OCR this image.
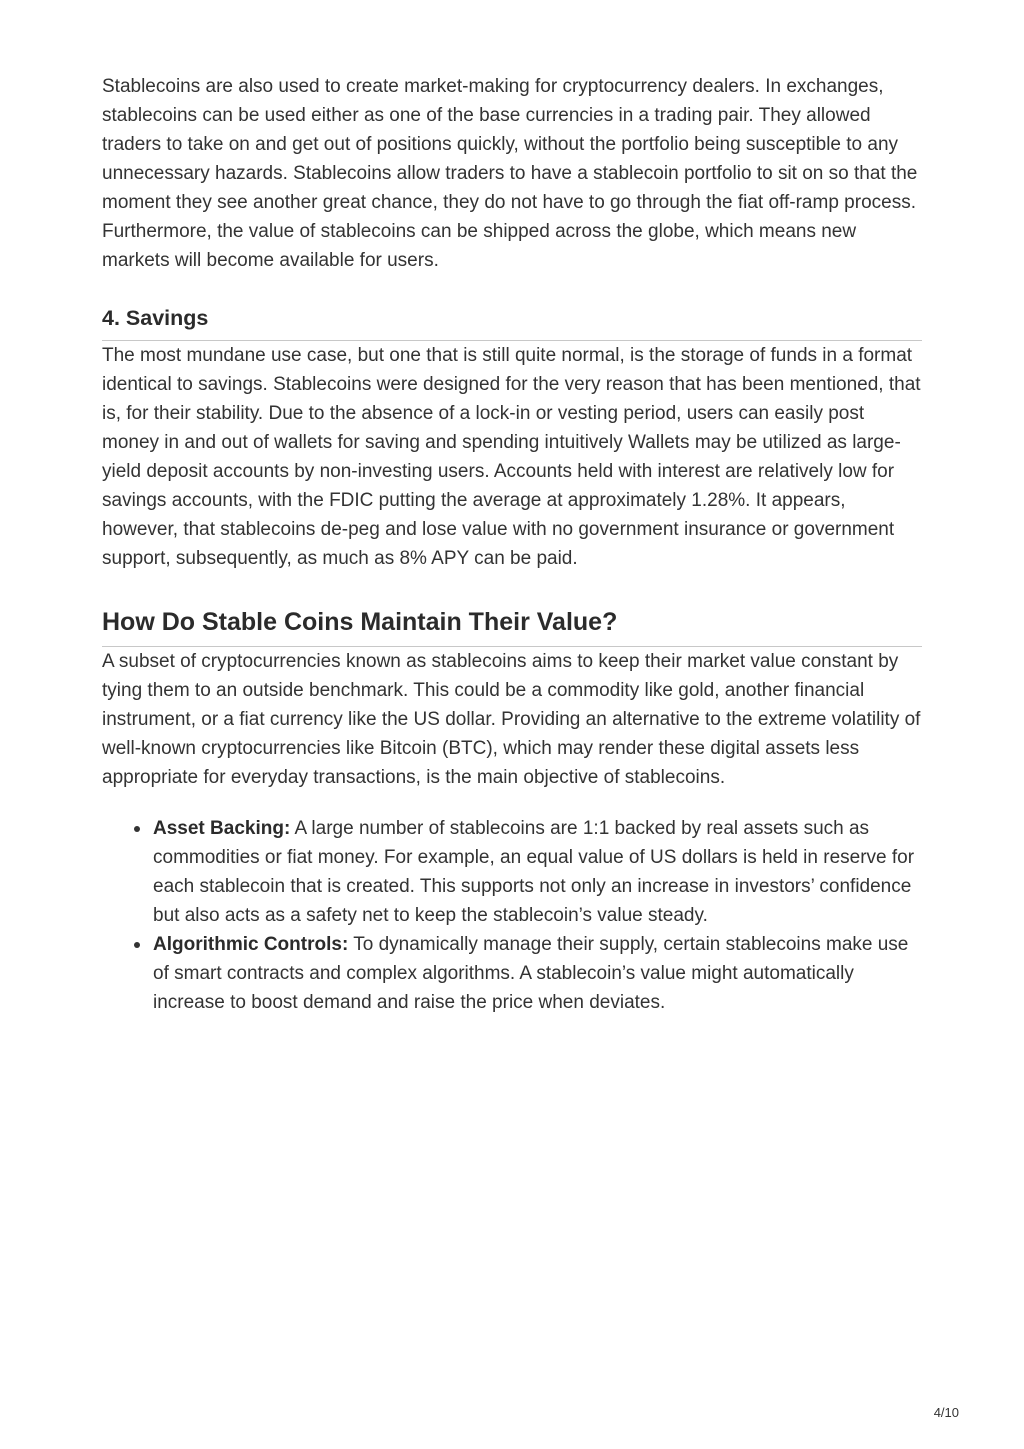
Stablecoins are also used to create market-making for cryptocurrency dealers. In exchanges, stablecoins can be used either as one of the base currencies in a trading pair. They allowed traders to take on and get out of positions quickly, without the portfolio being susceptible to any unnecessary hazards. Stablecoins allow traders to have a stablecoin portfolio to sit on so that the moment they see another great chance, they do not have to go through the fiat off-ramp process. Furthermore, the value of stablecoins can be shipped across the globe, which means new markets will become available for users.

4. Savings

The most mundane use case, but one that is still quite normal, is the storage of funds in a format identical to savings. Stablecoins were designed for the very reason that has been mentioned, that is, for their stability. Due to the absence of a lock-in or vesting period, users can easily post money in and out of wallets for saving and spending intuitively Wallets may be utilized as large-yield deposit accounts by non-investing users. Accounts held with interest are relatively low for savings accounts, with the FDIC putting the average at approximately 1.28%. It appears, however, that stablecoins de-peg and lose value with no government insurance or government support, subsequently, as much as 8% APY can be paid.

How Do Stable Coins Maintain Their Value?

A subset of cryptocurrencies known as stablecoins aims to keep their market value constant by tying them to an outside benchmark. This could be a commodity like gold, another financial instrument, or a fiat currency like the US dollar. Providing an alternative to the extreme volatility of well-known cryptocurrencies like Bitcoin (BTC), which may render these digital assets less appropriate for everyday transactions, is the main objective of stablecoins.

Asset Backing: A large number of stablecoins are 1:1 backed by real assets such as commodities or fiat money. For example, an equal value of US dollars is held in reserve for each stablecoin that is created. This supports not only an increase in investors’ confidence but also acts as a safety net to keep the stablecoin’s value steady.
Algorithmic Controls: To dynamically manage their supply, certain stablecoins make use of smart contracts and complex algorithms. A stablecoin’s value might automatically increase to boost demand and raise the price when deviates.
4/10
